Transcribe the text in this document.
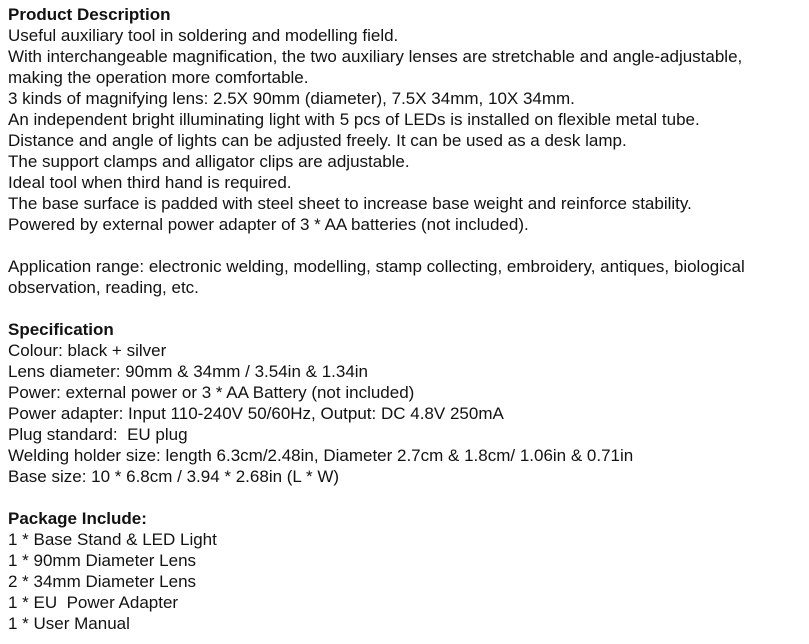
Product Description
Useful auxiliary tool in soldering and modelling field.
With interchangeable magnification, the two auxiliary lenses are stretchable and angle-adjustable,
making the operation more comfortable.
3 kinds of magnifying lens: 2.5X 90mm (diameter), 7.5X 34mm, 10X 34mm.
An independent bright illuminating light with 5 pcs of LEDs is installed on flexible metal tube.
Distance and angle of lights can be adjusted freely. It can be used as a desk lamp.
The support clamps and alligator clips are adjustable.
Ideal tool when third hand is required.
The base surface is padded with steel sheet to increase base weight and reinforce stability.
Powered by external power adapter of 3 * AA batteries (not included).
Application range: electronic welding, modelling, stamp collecting, embroidery, antiques, biological
observation, reading, etc.
Specification
Colour: black + silver
Lens diameter: 90mm & 34mm / 3.54in & 1.34in
Power: external power or 3 * AA Battery (not included)
Power adapter: Input 110-240V 50/60Hz, Output: DC 4.8V 250mA
Plug standard:  EU plug
Welding holder size: length 6.3cm/2.48in, Diameter 2.7cm & 1.8cm/ 1.06in & 0.71in
Base size: 10 * 6.8cm / 3.94 * 2.68in (L * W)
Package Include:
1 * Base Stand & LED Light
1 * 90mm Diameter Lens
2 * 34mm Diameter Lens
1 * EU  Power Adapter
1 * User Manual
